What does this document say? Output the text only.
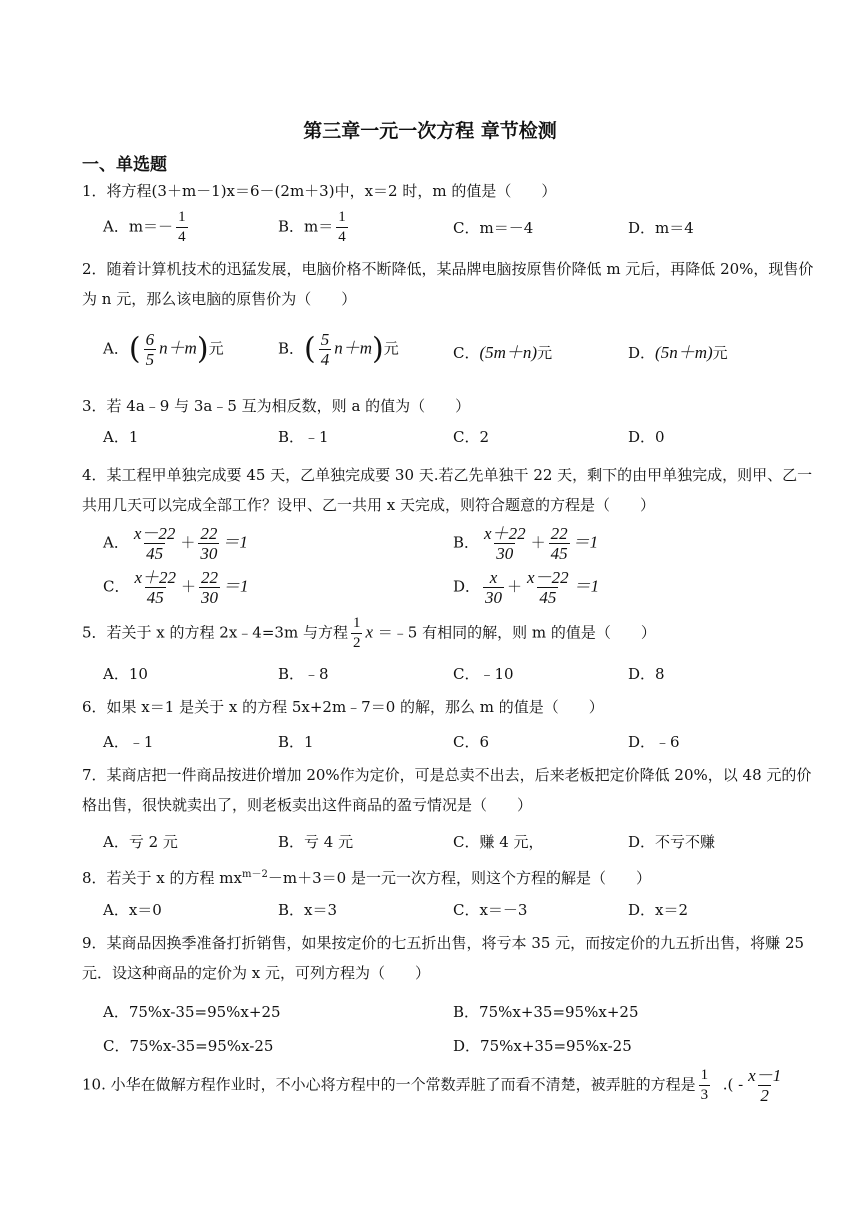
第三章一元一次方程 章节检测
一、单选题
1．将方程(3＋m－1)x＝6－(2m＋3)中，x＝2 时，m 的值是（　　）
A．$m=- \frac{1}{4}$	B．$m= \frac{1}{4}$	C．m＝－4	D．m＝4
2．随着计算机技术的迅猛发展，电脑价格不断降低，某品牌电脑按原售价降低 m 元后，再降低 20%，现售价为 n 元，那么该电脑的原售价为（　　）
A．( $\frac{6}{5} n+m$)元	B．( $\frac{5}{4} n+m$)元	C．(5m＋n)元	D．(5n＋m)元
3．若 4a﹣9 与 3a﹣5 互为相反数，则 a 的值为（　　）
A．1	B．﹣1	C．2	D．0
4．某工程甲单独完成要 45 天，乙单独完成要 30 天.若乙先单独干 22 天，剩下的由甲单独完成，则甲、乙一共用几天可以完成全部工作？设甲、乙一共用 x 天完成，则符合题意的方程是（　　）
A． $\frac{x-22}{45} + \frac{22}{30} =1$	B． $\frac{x+22}{30} + \frac{22}{45} =1$
C． $\frac{x+22}{45} + \frac{22}{30} =1$	D． $\frac{x}{30} + \frac{x-22}{45} =1$
5．若关于 x 的方程 2x﹣4=3m 与方程 $\frac{1}{2}$ x ＝﹣5 有相同的解，则 m 的值是（　　）
A．10	B．﹣8	C．﹣10	D．8
6．如果 x＝1 是关于 x 的方程 5x+2m﹣7＝0 的解，那么 m 的值是（　　）
A．﹣1	B．1	C．6	D．﹣6
7．某商店把一件商品按进价增加 20%作为定价，可是总卖不出去，后来老板把定价降低 20%，以 48 元的价格出售，很快就卖出了，则老板卖出这件商品的盈亏情况是（　　）
A．亏 2 元	B．亏 4 元	C．赚 4 元，	D．不亏不赚
8．若关于 x 的方程 $mx^{m-2}-m+3=0$ 是一元一次方程，则这个方程的解是（　　）
A．x＝0	B．x＝3	C．x＝－3	D．x＝2
9．某商品因换季准备打折销售，如果按定价的七五折出售，将亏本 35 元，而按定价的九五折出售，将赚 25 元．设这种商品的定价为 x 元，可列方程为（　　）
A．75%x-35=95%x+25	B．75%x+35=95%x+25
C．75%x-35=95%x-25	D．75%x+35=95%x-25
10. 小华在做解方程作业时，不小心将方程中的一个常数弄脏了而看不清楚，被弄脏的方程是 $\frac{1}{3}$ .( - $\frac{x-1}{2}$
